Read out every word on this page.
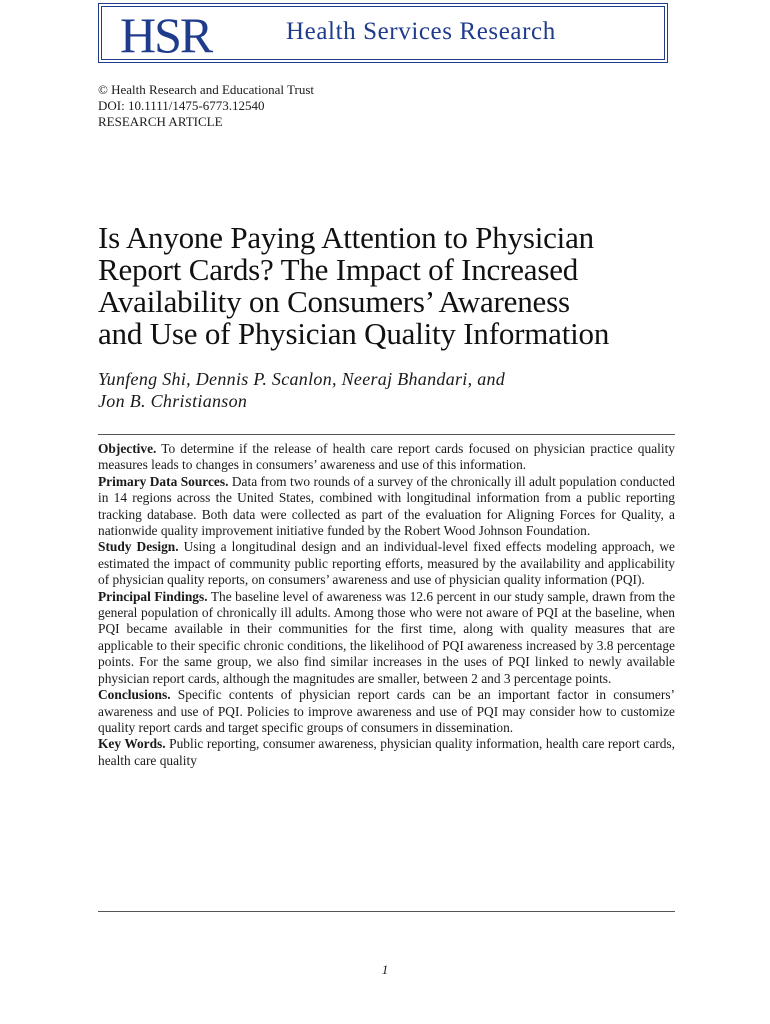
HSR	Health Services Research
© Health Research and Educational Trust
DOI: 10.1111/1475-6773.12540
RESEARCH ARTICLE
Is Anyone Paying Attention to Physician
Report Cards? The Impact of Increased
Availability on Consumers’ Awareness
and Use of Physician Quality Information
Yunfeng Shi, Dennis P. Scanlon, Neeraj Bhandari, and
Jon B. Christianson

Objective. To determine if the release of health care report cards focused on physician practice quality measures leads to changes in consumers’ awareness and use of this information.

Primary Data Sources. Data from two rounds of a survey of the chronically ill adult population conducted in 14 regions across the United States, combined with longitudinal information from a public reporting tracking database. Both data were collected as part of the evaluation for Aligning Forces for Quality, a nationwide quality improvement initiative funded by the Robert Wood Johnson Foundation.

Study Design. Using a longitudinal design and an individual-level fixed effects modeling approach, we estimated the impact of community public reporting efforts, measured by the availability and applicability of physician quality reports, on consumers’ awareness and use of physician quality information (PQI).

Principal Findings. The baseline level of awareness was 12.6 percent in our study sample, drawn from the general population of chronically ill adults. Among those who were not aware of PQI at the baseline, when PQI became available in their communities for the first time, along with quality measures that are applicable to their specific chronic conditions, the likelihood of PQI awareness increased by 3.8 percentage points. For the same group, we also find similar increases in the uses of PQI linked to newly available physician report cards, although the magnitudes are smaller, between 2 and 3 percentage points.

Conclusions. Specific contents of physician report cards can be an important factor in consumers’ awareness and use of PQI. Policies to improve awareness and use of PQI may consider how to customize quality report cards and target specific groups of consumers in dissemination.

Key Words. Public reporting, consumer awareness, physician quality information, health care report cards, health care quality

1
